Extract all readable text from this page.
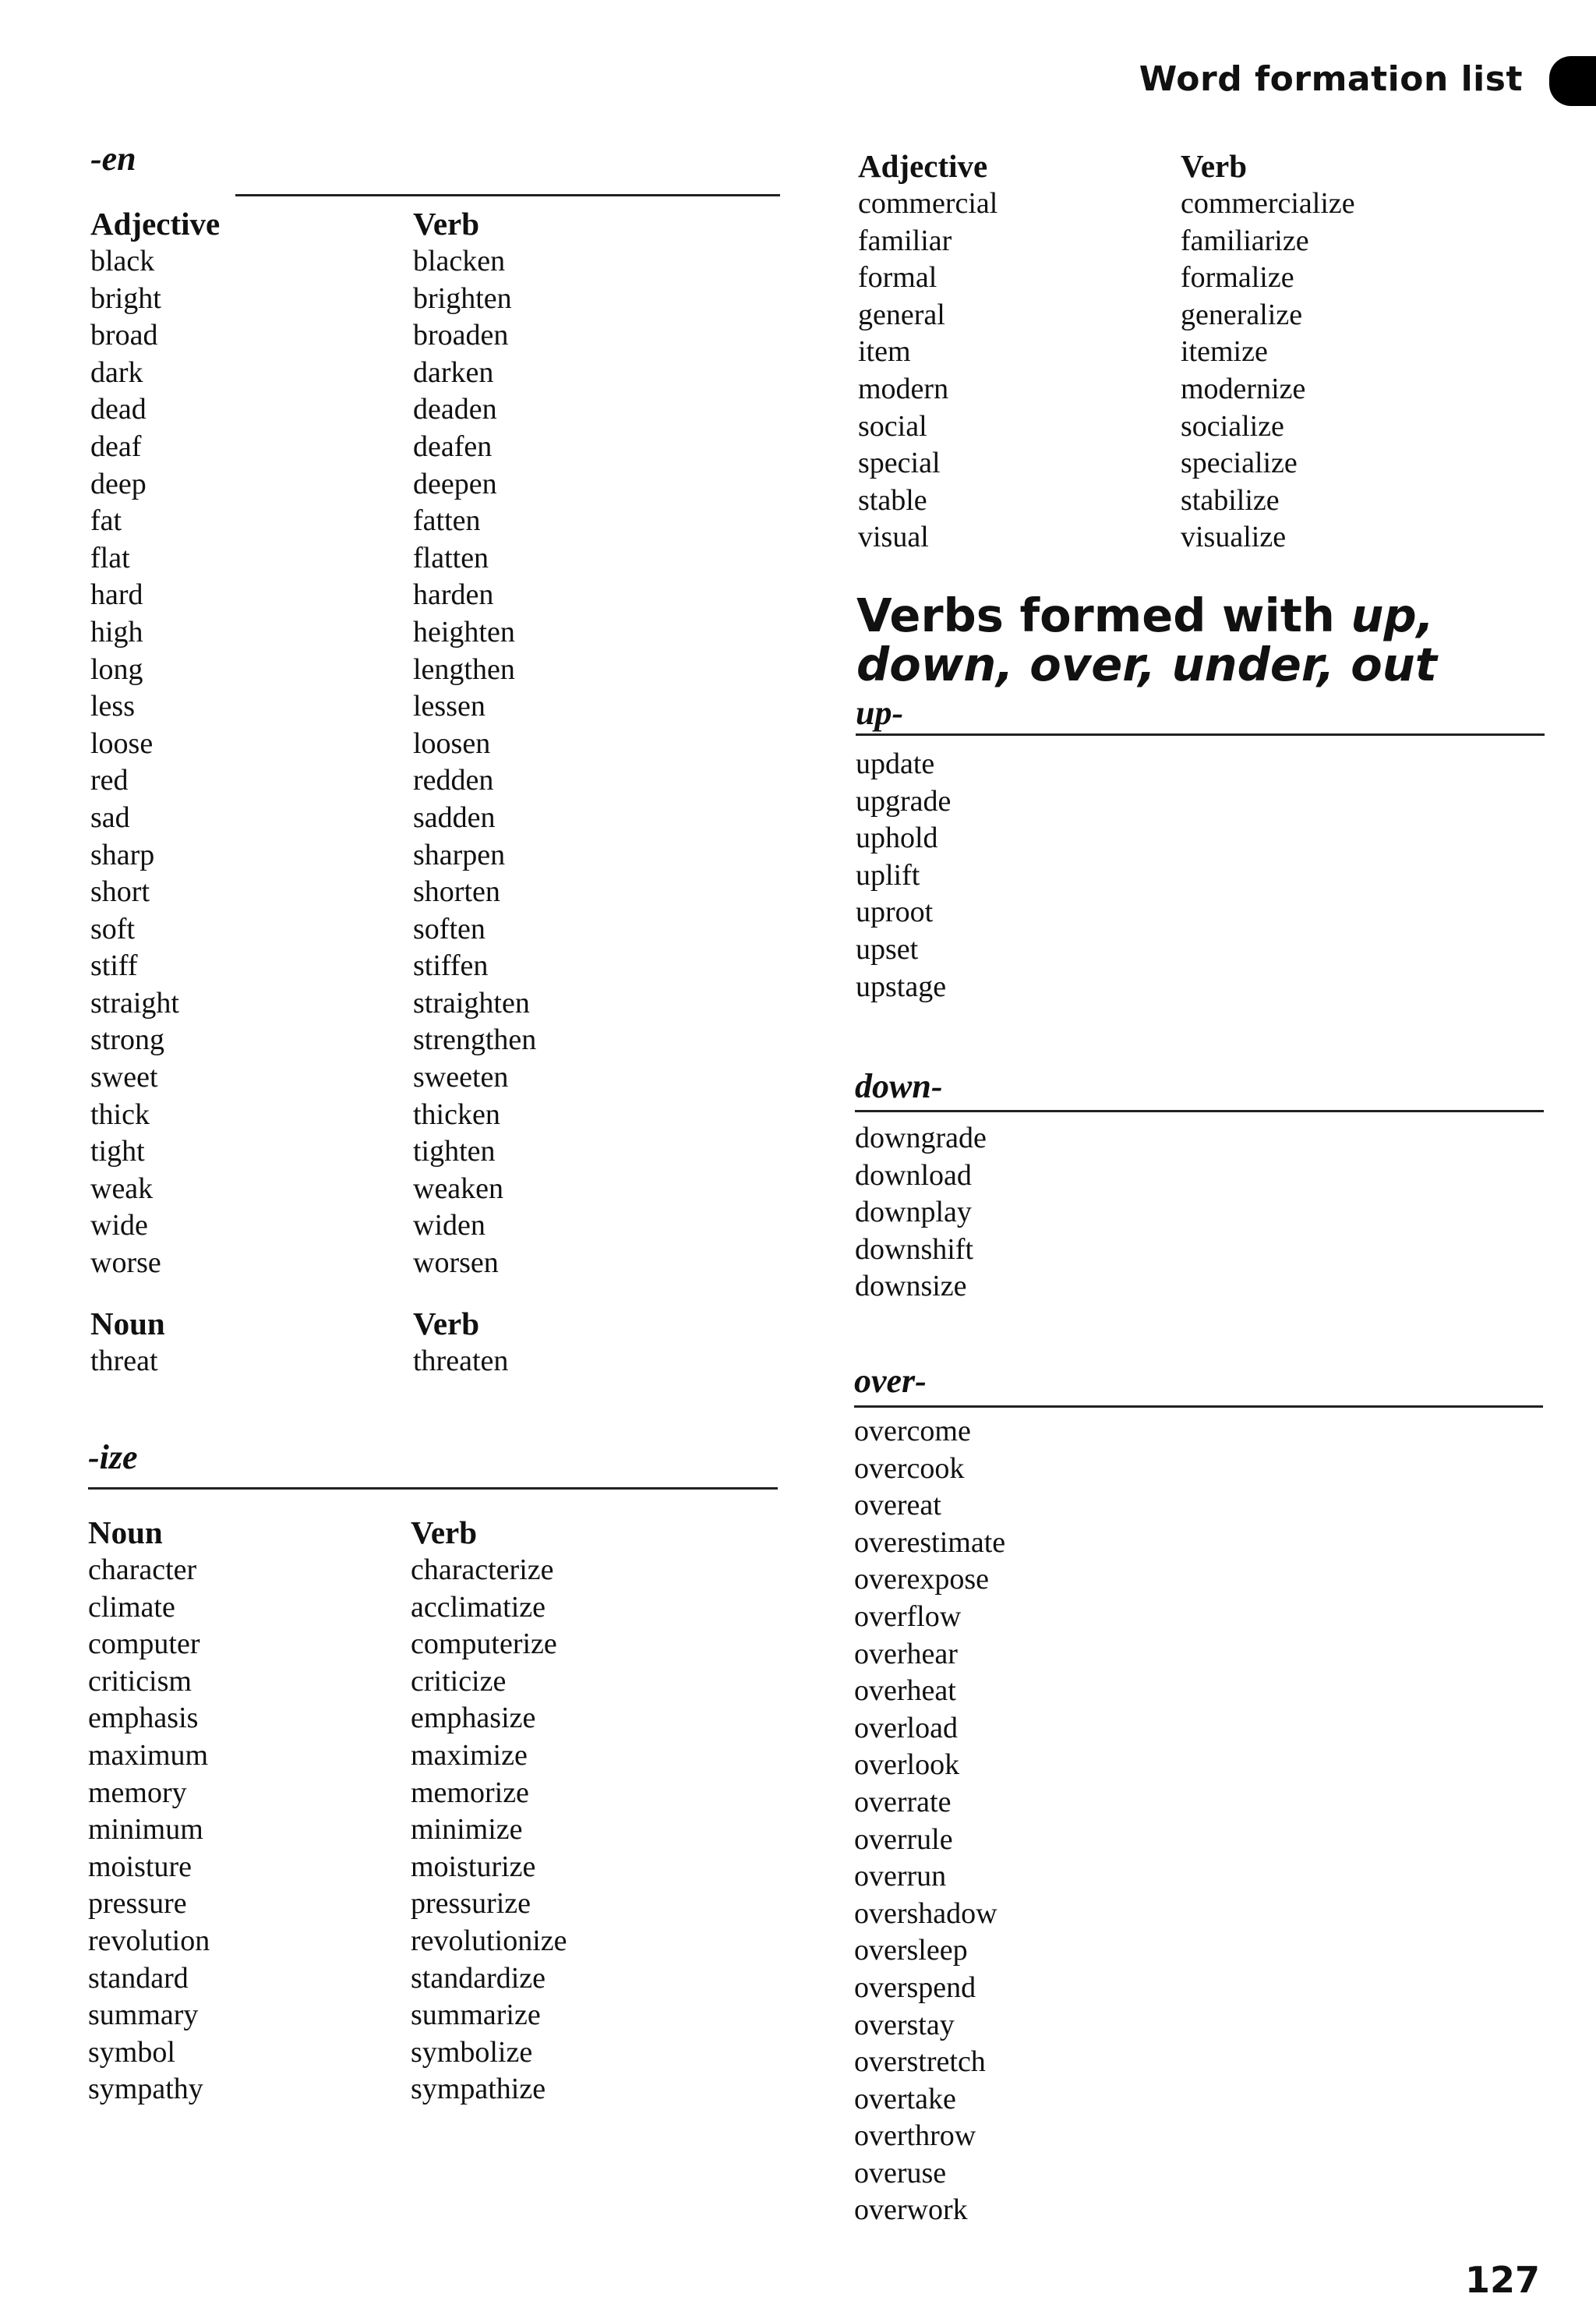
Word formation list
-en
Adjective
black
bright
broad
dark
dead
deaf
deep
fat
flat
hard
high
long
less
loose
red
sad
sharp
short
soft
stiff
straight
strong
sweet
thick
tight
weak
wide
worse
Noun
threat
Verb
blacken
brighten
broaden
darken
deaden
deafen
deepen
fatten
flatten
harden
heighten
lengthen
lessen
loosen
redden
sadden
sharpen
shorten
soften
stiffen
straighten
strengthen
sweeten
thicken
tighten
weaken
widen
worsen
Verb
threaten
-ize
Noun
character
climate
computer
criticism
emphasis
maximum
memory
minimum
moisture
pressure
revolution
standard
summary
symbol
sympathy
Verb
characterize
acclimatize
computerize
criticize
emphasize
maximize
memorize
minimize
moisturize
pressurize
revolutionize
standardize
summarize
symbolize
sympathize
Adjective
commercial
familiar
formal
general
item
modern
social
special
stable
visual
Verb
commercialize
familiarize
formalize
generalize
itemize
modernize
socialize
specialize
stabilize
visualize
Verbs formed with up,
down, over, under, out
up-
update
upgrade
uphold
uplift
uproot
upset
upstage
down-
downgrade
download
downplay
downshift
downsize
over-
overcome
overcook
overeat
overestimate
overexpose
overflow
overhear
overheat
overload
overlook
overrate
overrule
overrun
overshadow
oversleep
overspend
overstay
overstretch
overtake
overthrow
overuse
overwork
127
